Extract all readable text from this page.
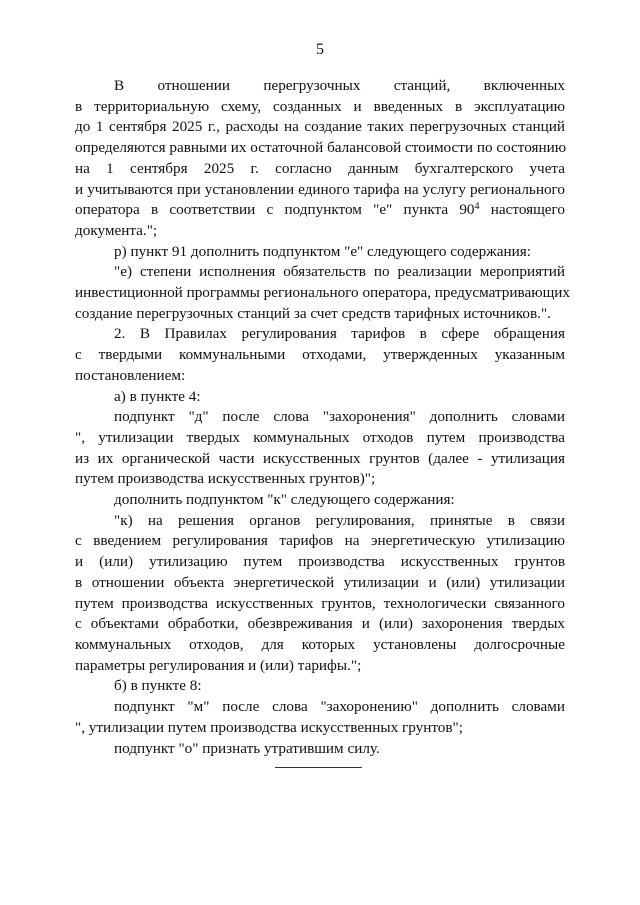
5
В отношении перегрузочных станций, включенных
в территориальную схему, созданных и введенных в эксплуатацию
до 1 сентября 2025 г., расходы на создание таких перегрузочных станций
определяются равными их остаточной балансовой стоимости по состоянию
на 1 сентября 2025 г. согласно данным бухгалтерского учета
и учитываются при установлении единого тарифа на услугу регионального
оператора в соответствии с подпунктом "е" пункта $90^4$ настоящего
документа.";
р) пункт 91 дополнить подпунктом "е" следующего содержания:
"е) степени исполнения обязательств по реализации мероприятий
инвестиционной программы регионального оператора, предусматривающих
создание перегрузочных станций за счет средств тарифных источников.".
2. В Правилах регулирования тарифов в сфере обращения
с твердыми коммунальными отходами, утвержденных указанным
постановлением:
а) в пункте 4:
подпункт "д" после слова "захоронения" дополнить словами
", утилизации твердых коммунальных отходов путем производства
из их органической части искусственных грунтов (далее - утилизация
путем производства искусственных грунтов)";
дополнить подпунктом "к" следующего содержания:
"к) на решения органов регулирования, принятые в связи
с введением регулирования тарифов на энергетическую утилизацию
и (или) утилизацию путем производства искусственных грунтов
в отношении объекта энергетической утилизации и (или) утилизации
путем производства искусственных грунтов, технологически связанного
с объектами обработки, обезвреживания и (или) захоронения твердых
коммунальных отходов, для которых установлены долгосрочные
параметры регулирования и (или) тарифы.";
б) в пункте 8:
подпункт "м" после слова "захоронению" дополнить словами
", утилизации путем производства искусственных грунтов";
подпункт "о" признать утратившим силу.
